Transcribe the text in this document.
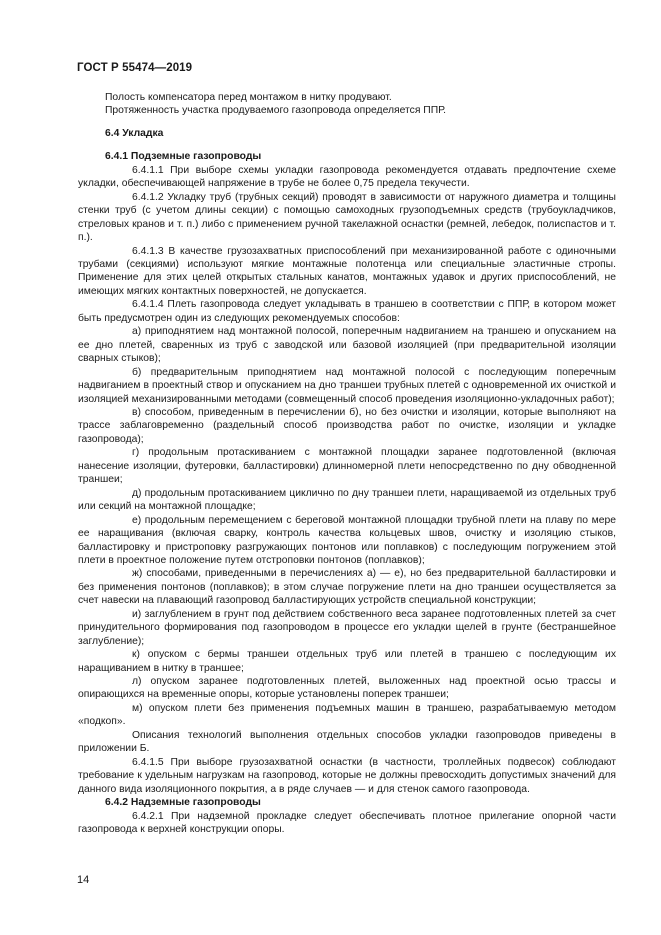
ГОСТ Р 55474—2019

Полость компенсатора перед монтажом в нитку продувают.

Протяженность участка продуваемого газопровода определяется ППР.

6.4 Укладка

6.4.1 Подземные газопроводы

6.4.1.1 При выборе схемы укладки газопровода рекомендуется отдавать предпочтение схеме укладки, обеспечивающей напряжение в трубе не более 0,75 предела текучести.

6.4.1.2 Укладку труб (трубных секций) проводят в зависимости от наружного диаметра и толщины стенки труб (с учетом длины секции) с помощью самоходных грузоподъемных средств (трубоукладчиков, стреловых кранов и т. п.) либо с применением ручной такелажной оснастки (ремней, лебедок, полиспастов и т. п.).

6.4.1.3 В качестве грузозахватных приспособлений при механизированной работе с одиночными трубами (секциями) используют мягкие монтажные полотенца или специальные эластичные стропы. Применение для этих целей открытых стальных канатов, монтажных удавок и других приспособлений, не имеющих мягких контактных поверхностей, не допускается.

6.4.1.4 Плеть газопровода следует укладывать в траншею в соответствии с ППР, в котором может быть предусмотрен один из следующих рекомендуемых способов:

а) приподнятием над монтажной полосой, поперечным надвиганием на траншею и опусканием на ее дно плетей, сваренных из труб с заводской или базовой изоляцией (при предварительной изоляции сварных стыков);

б) предварительным приподнятием над монтажной полосой с последующим поперечным надвиганием в проектный створ и опусканием на дно траншеи трубных плетей с одновременной их очисткой и изоляцией механизированными методами (совмещенный способ проведения изоляционно-укладочных работ);

в) способом, приведенным в перечислении б), но без очистки и изоляции, которые выполняют на трассе заблаговременно (раздельный способ производства работ по очистке, изоляции и укладке газопровода);

г) продольным протаскиванием с монтажной площадки заранее подготовленной (включая нанесение изоляции, футеровки, балластировки) длинномерной плети непосредственно по дну обводненной траншеи;

д) продольным протаскиванием циклично по дну траншеи плети, наращиваемой из отдельных труб или секций на монтажной площадке;

е) продольным перемещением с береговой монтажной площадки трубной плети на плаву по мере ее наращивания (включая сварку, контроль качества кольцевых швов, очистку и изоляцию стыков, балластировку и пристроповку разгружающих понтонов или поплавков) с последующим погружением этой плети в проектное положение путем отстроповки понтонов (поплавков);

ж) способами, приведенными в перечислениях а) — е), но без предварительной балластировки и без применения понтонов (поплавков); в этом случае погружение плети на дно траншеи осуществляется за счет навески на плавающий газопровод балластирующих устройств специальной конструкции;

и) заглублением в грунт под действием собственного веса заранее подготовленных плетей за счет принудительного формирования под газопроводом в процессе его укладки щелей в грунте (бестраншейное заглубление);

к) опуском с бермы траншеи отдельных труб или плетей в траншею с последующим их наращиванием в нитку в траншее;

л) опуском заранее подготовленных плетей, выложенных над проектной осью трассы и опирающихся на временные опоры, которые установлены поперек траншеи;

м) опуском плети без применения подъемных машин в траншею, разрабатываемую методом «подкоп».

Описания технологий выполнения отдельных способов укладки газопроводов приведены в приложении Б.

6.4.1.5 При выборе грузозахватной оснастки (в частности, троллейных подвесок) соблюдают требование к удельным нагрузкам на газопровод, которые не должны превосходить допустимых значений для данного вида изоляционного покрытия, а в ряде случаев — и для стенок самого газопровода.

6.4.2 Надземные газопроводы

6.4.2.1 При надземной прокладке следует обеспечивать плотное прилегание опорной части газопровода к верхней конструкции опоры.

14
